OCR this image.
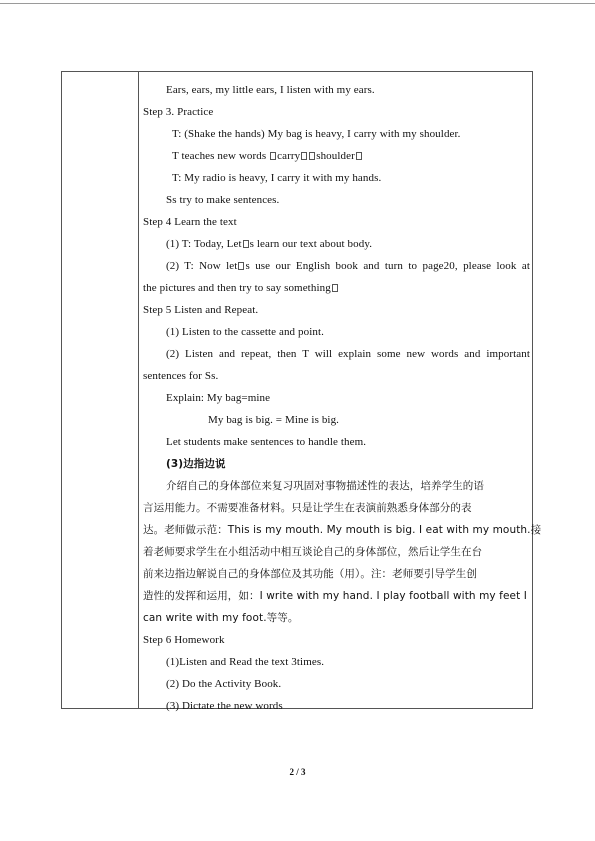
Ears, ears, my little ears, I listen with my ears.
Step 3. Practice
T: (Shake the hands) My bag is heavy, I carry with my shoulder.
T teaches new words carry shoulder
T: My radio is heavy, I carry it with my hands.
Ss try to make sentences.
Step 4 Learn the text
(1) T: Today, Let s learn our text about body.
(2) T: Now let s use our English book and turn to page20, please look at
the pictures and then try to say something
Step 5 Listen and Repeat.
(1) Listen to the cassette and point.
(2) Listen and repeat, then T will explain some new words and important
sentences for Ss.
Explain: My bag=mine
My bag is big. = Mine is big.
Let students make sentences to handle them.
(3)边指边说
介绍自己的身体部位来复习巩固对事物描述性的表达，培养学生的语
言运用能力。不需要准备材料。只是让学生在表演前熟悉身体部分的表
达。老师做示范：This is my mouth. My mouth is big. I eat with my mouth.接
着老师要求学生在小组活动中相互谈论自己的身体部位，然后让学生在台
前来边指边解说自己的身体部位及其功能（用）。注：老师要引导学生创
造性的发挥和运用，如：I write with my hand. I play football with my feet I
can write with my foot.等等。
Step 6 Homework
(1)Listen and Read the text 3times.
(2) Do the Activity Book.
(3) Dictate the new words
2 / 3
